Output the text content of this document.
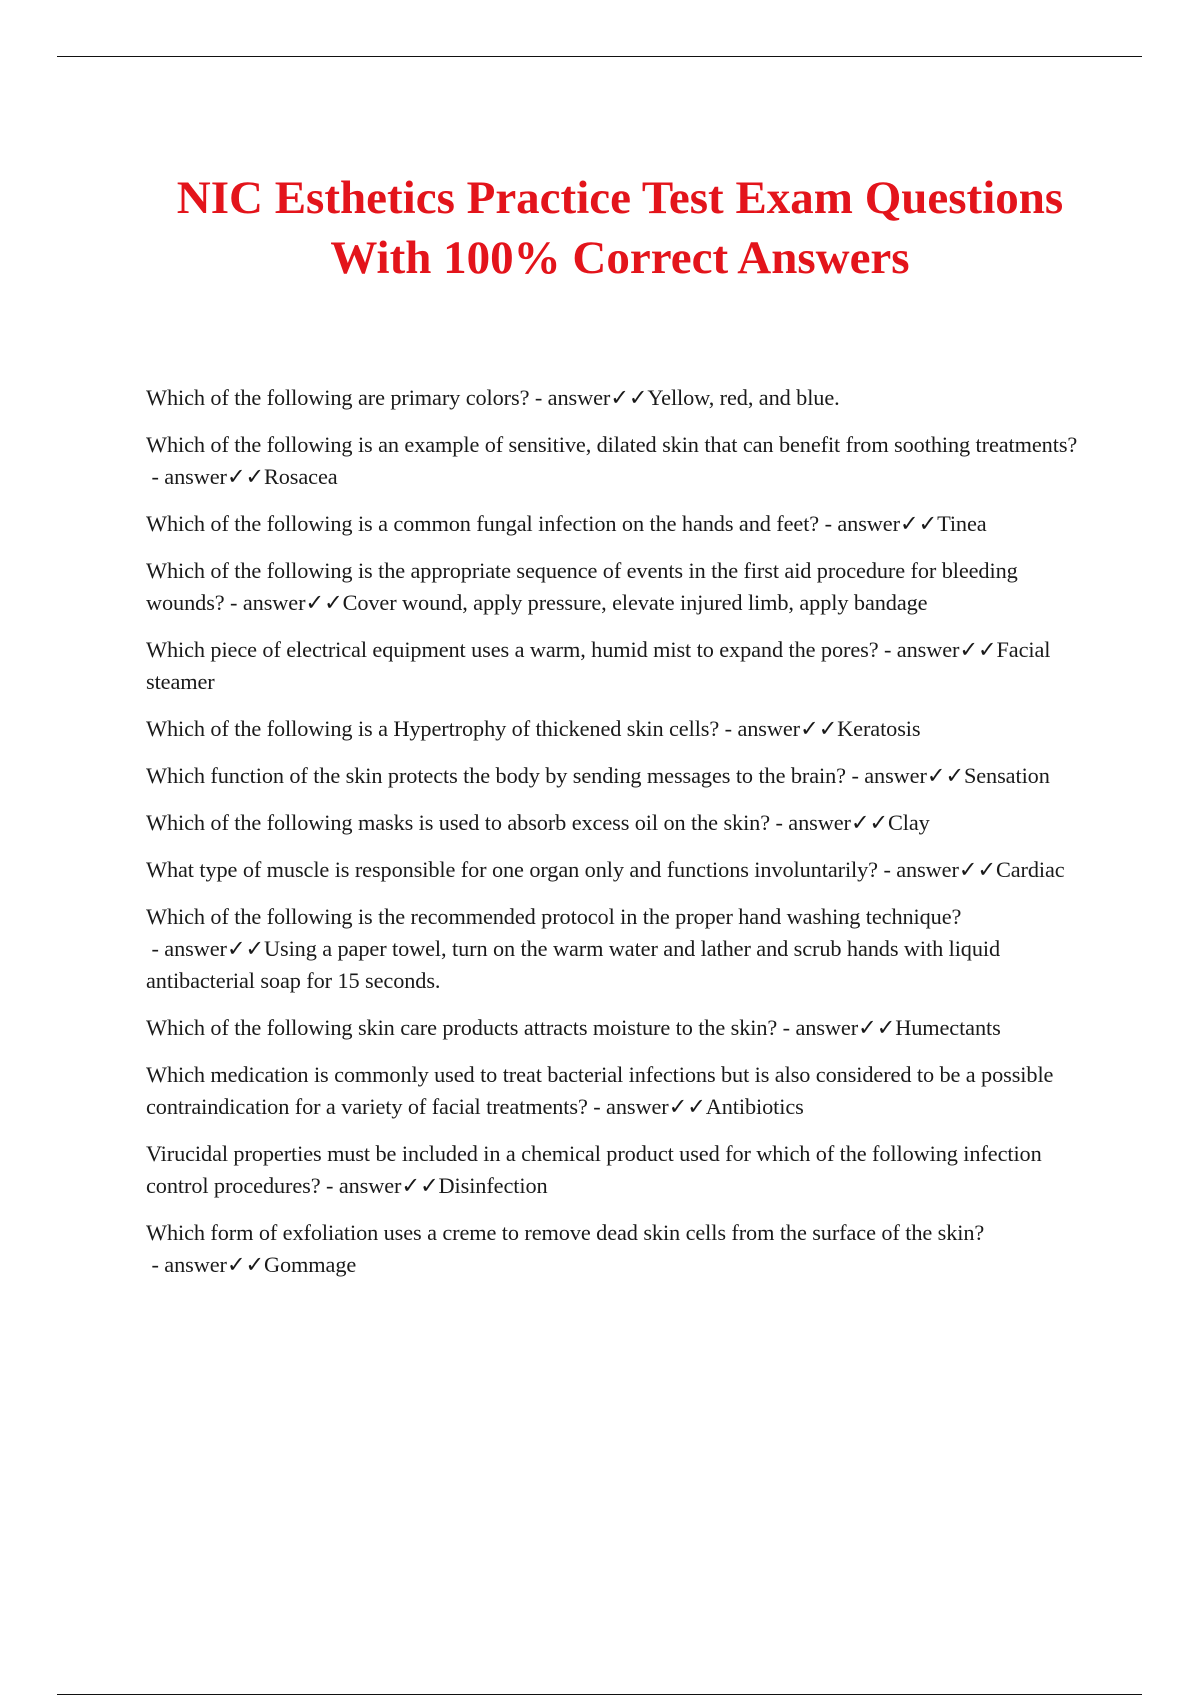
NIC Esthetics Practice Test Exam Questions
With 100% Correct Answers
Which of the following are primary colors? - answer✓✓Yellow, red, and blue.
Which of the following is an example of sensitive, dilated skin that can benefit from soothing treatments? - answer✓✓Rosacea
Which of the following is a common fungal infection on the hands and feet? - answer✓✓Tinea
Which of the following is the appropriate sequence of events in the first aid procedure for bleeding wounds? - answer✓✓Cover wound, apply pressure, elevate injured limb, apply bandage
Which piece of electrical equipment uses a warm, humid mist to expand the pores? - answer✓✓Facial steamer
Which of the following is a Hypertrophy of thickened skin cells? - answer✓✓Keratosis
Which function of the skin protects the body by sending messages to the brain? - answer✓✓Sensation
Which of the following masks is used to absorb excess oil on the skin? - answer✓✓Clay
What type of muscle is responsible for one organ only and functions involuntarily? - answer✓✓Cardiac
Which of the following is the recommended protocol in the proper hand washing technique? - answer✓✓Using a paper towel, turn on the warm water and lather and scrub hands with liquid antibacterial soap for 15 seconds.
Which of the following skin care products attracts moisture to the skin? - answer✓✓Humectants
Which medication is commonly used to treat bacterial infections but is also considered to be a possible contraindication for a variety of facial treatments? - answer✓✓Antibiotics
Virucidal properties must be included in a chemical product used for which of the following infection control procedures? - answer✓✓Disinfection
Which form of exfoliation uses a creme to remove dead skin cells from the surface of the skin? - answer✓✓Gommage
